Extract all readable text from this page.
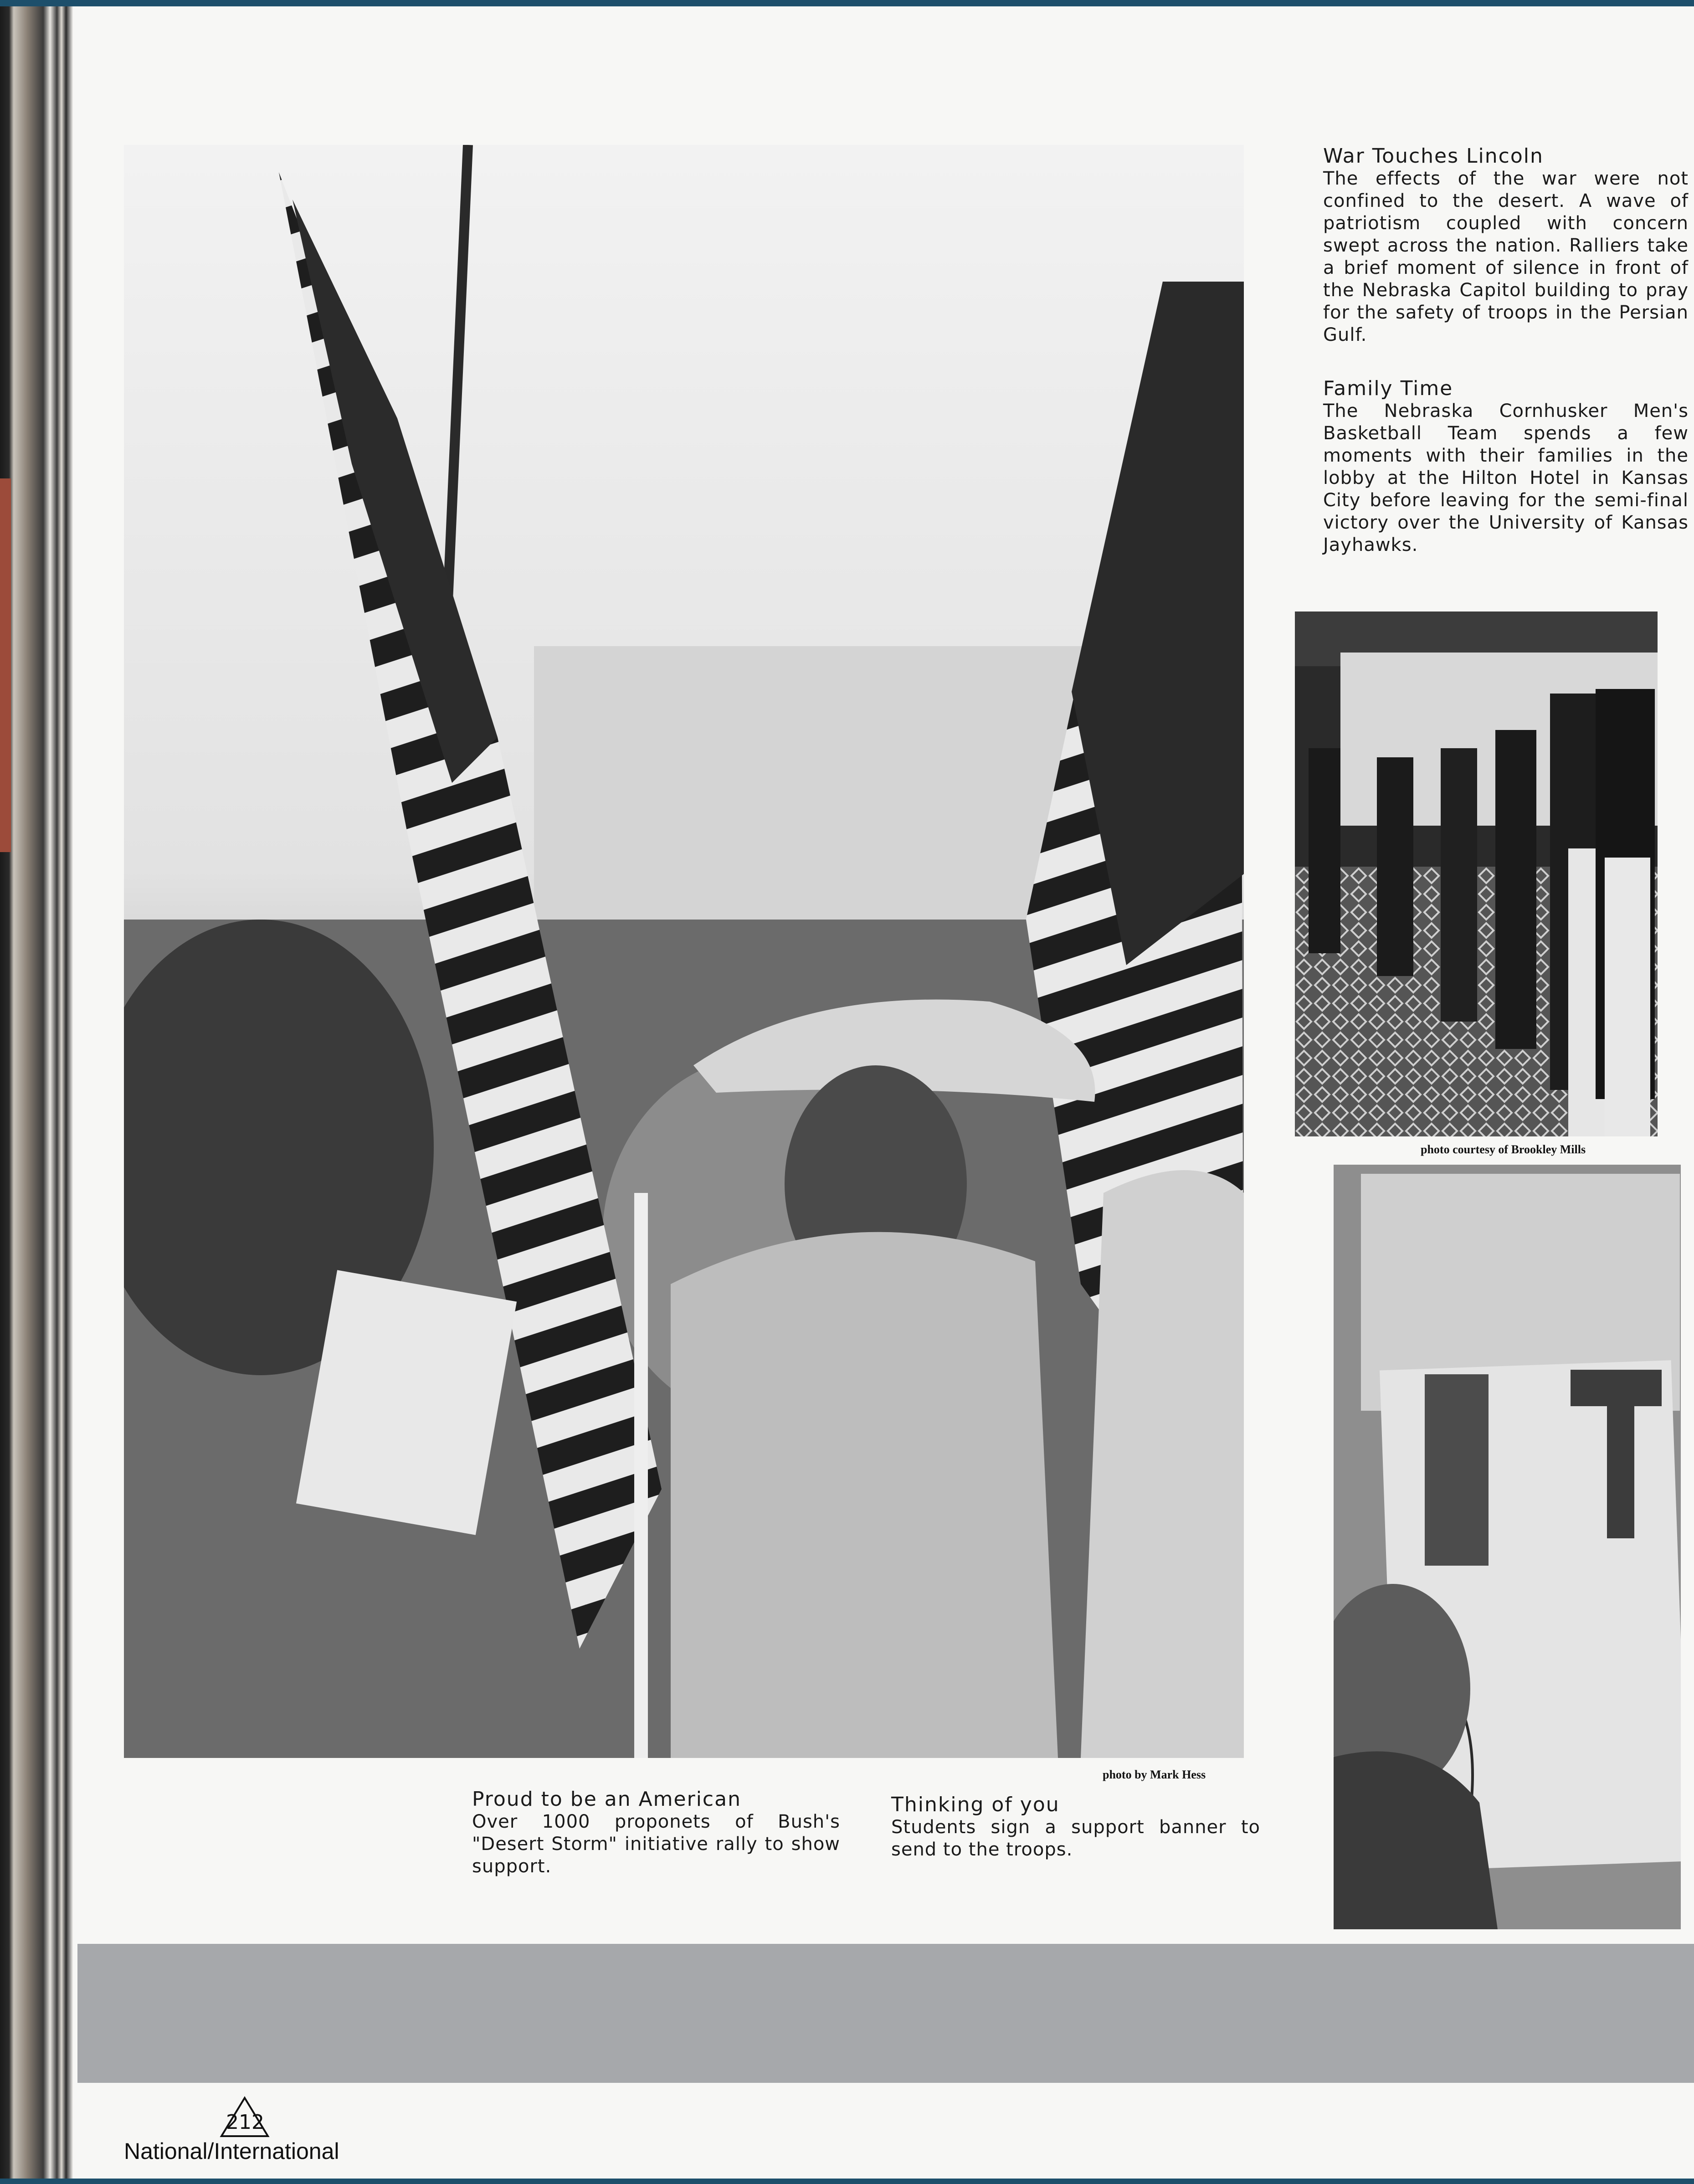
photo by Mark Hess
photo courtesy of Brookley Mills
War Touches Lincoln
The effects of the war were not confined to the desert. A wave of patriotism coupled with concern swept across the nation. Ralliers take a brief moment of silence in front of the Nebraska Capitol building to pray for the safety of troops in the Persian Gulf.
Family Time
The Nebraska Cornhusker Men's Basketball Team spends a few moments with their families in the lobby at the Hilton Hotel in Kansas City before leaving for the semi-final victory over the University of Kansas Jayhawks.
Proud to be an American
Over 1000 proponets of Bush's "Desert Storm" initiative rally to show support.
Thinking of you
Students sign a support banner to send to the troops.
212
National/International
